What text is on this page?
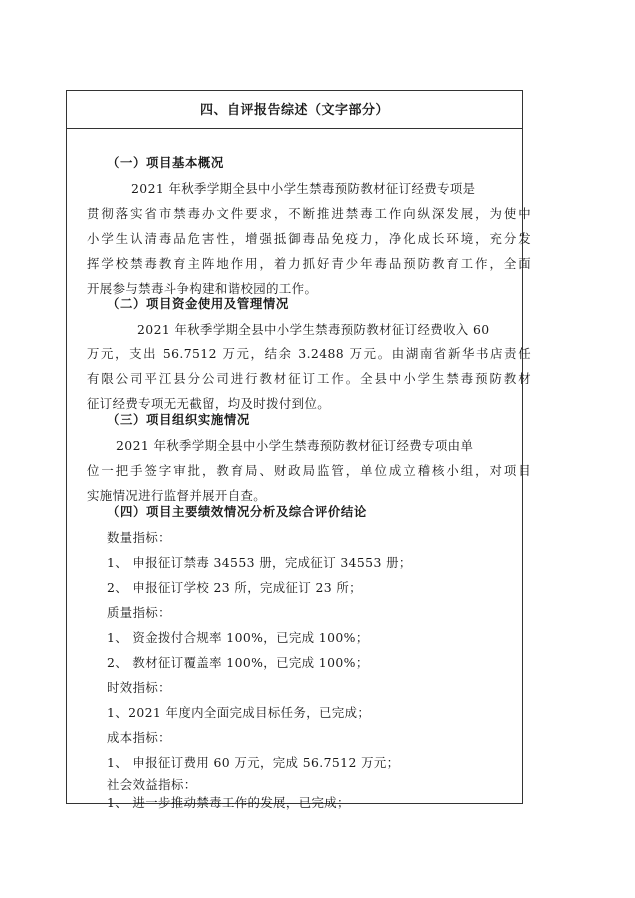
四、自评报告综述（文字部分）
（一）项目基本概况
2021 年秋季学期全县中小学生禁毒预防教材征订经费专项是
贯彻落实省市禁毒办文件要求，不断推进禁毒工作向纵深发展，为使中
小学生认清毒品危害性，增强抵御毒品免疫力，净化成长环境，充分发
挥学校禁毒教育主阵地作用，着力抓好青少年毒品预防教育工作，全面
开展参与禁毒斗争构建和谐校园的工作。
（二）项目资金使用及管理情况
2021 年秋季学期全县中小学生禁毒预防教材征订经费收入 60
万元，支出 56.7512 万元，结余 3.2488 万元。由湖南省新华书店责任
有限公司平江县分公司进行教材征订工作。全县中小学生禁毒预防教材
征订经费专项无无截留，均及时拨付到位。
（三）项目组织实施情况
2021 年秋季学期全县中小学生禁毒预防教材征订经费专项由单
位一把手签字审批，教育局、财政局监管，单位成立稽核小组，对项目
实施情况进行监督并展开自查。
（四）项目主要绩效情况分析及综合评价结论
数量指标：
1、 申报征订禁毒 34553 册，完成征订 34553 册；
2、 申报征订学校 23 所，完成征订 23 所；
质量指标：
1、 资金拨付合规率 100%，已完成 100%；
2、 教材征订覆盖率 100%，已完成 100%；
时效指标：
1、2021 年度内全面完成目标任务，已完成；
成本指标：
1、 申报征订费用 60 万元，完成 56.7512 万元；
社会效益指标：
1、 进一步推动禁毒工作的发展，已完成；
